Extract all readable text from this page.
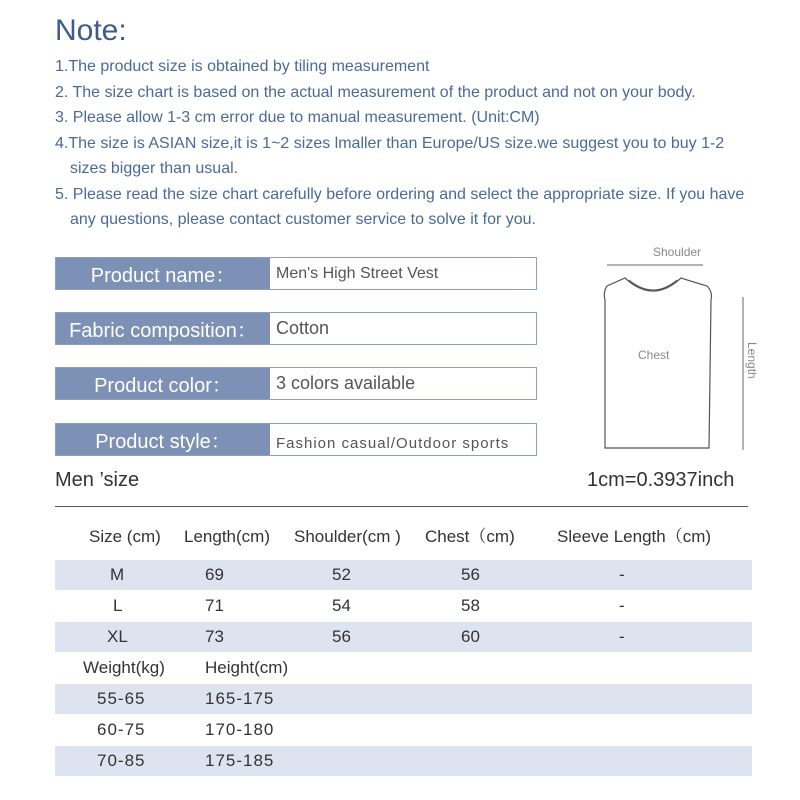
Note:
1.The product size is obtained by tiling measurement
2. The size chart is based on the actual measurement of the product and not on your body.
3. Please allow 1-3 cm error due to manual measurement. (Unit:CM)
4.The size is ASIAN size,it is 1~2 sizes lmaller than Europe/US size.we suggest you to buy 1-2
sizes bigger than usual.
5. Please read the size chart carefully before ordering and select the appropriate size. If you have
any questions, please contact customer service to solve it for you.
Product name：	Men's High Street Vest
Fabric composition：	Cotton
Product color：	3 colors available
Product style：	Fashion casual/Outdoor sports
Shoulder
Length
Chest
Men ’size	1cm=0.3937inch
Size (cm) Length(cm) Shoulder(cm ) Chest（cm) Sleeve Length（cm)
M	69	52	56	-
L	71	54	58	-
XL	73	56	60	-
Weight(kg) Height(cm)
55-65	165-175
60-75	170-180
70-85	175-185
